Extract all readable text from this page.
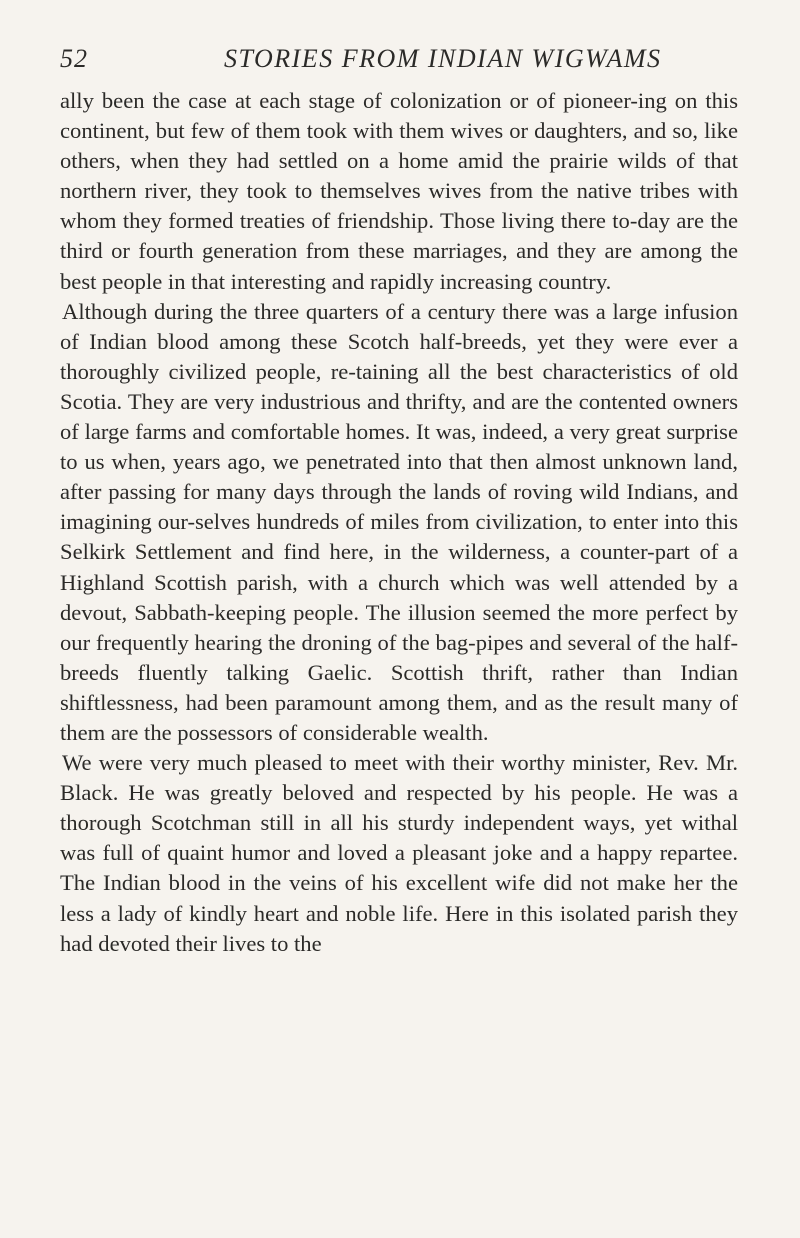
52	STORIES FROM INDIAN WIGWAMS

ally been the case at each stage of colonization or of pioneer-ing on this continent, but few of them took with them wives or daughters, and so, like others, when they had settled on a home amid the prairie wilds of that northern river, they took to themselves wives from the native tribes with whom they formed treaties of friendship. Those living there to-day are the third or fourth generation from these marriages, and they are among the best people in that interesting and rapidly increasing country.

Although during the three quarters of a century there was a large infusion of Indian blood among these Scotch half-breeds, yet they were ever a thoroughly civilized people, re-taining all the best characteristics of old Scotia. They are very industrious and thrifty, and are the contented owners of large farms and comfortable homes. It was, indeed, a very great surprise to us when, years ago, we penetrated into that then almost unknown land, after passing for many days through the lands of roving wild Indians, and imagining our-selves hundreds of miles from civilization, to enter into this Selkirk Settlement and find here, in the wilderness, a counter-part of a Highland Scottish parish, with a church which was well attended by a devout, Sabbath-keeping people. The illusion seemed the more perfect by our frequently hearing the droning of the bag-pipes and several of the half-breeds fluently talking Gaelic. Scottish thrift, rather than Indian shiftlessness, had been paramount among them, and as the result many of them are the possessors of considerable wealth.

We were very much pleased to meet with their worthy minister, Rev. Mr. Black. He was greatly beloved and respected by his people. He was a thorough Scotchman still in all his sturdy independent ways, yet withal was full of quaint humor and loved a pleasant joke and a happy repartee. The Indian blood in the veins of his excellent wife did not make her the less a lady of kindly heart and noble life. Here in this isolated parish they had devoted their lives to the
